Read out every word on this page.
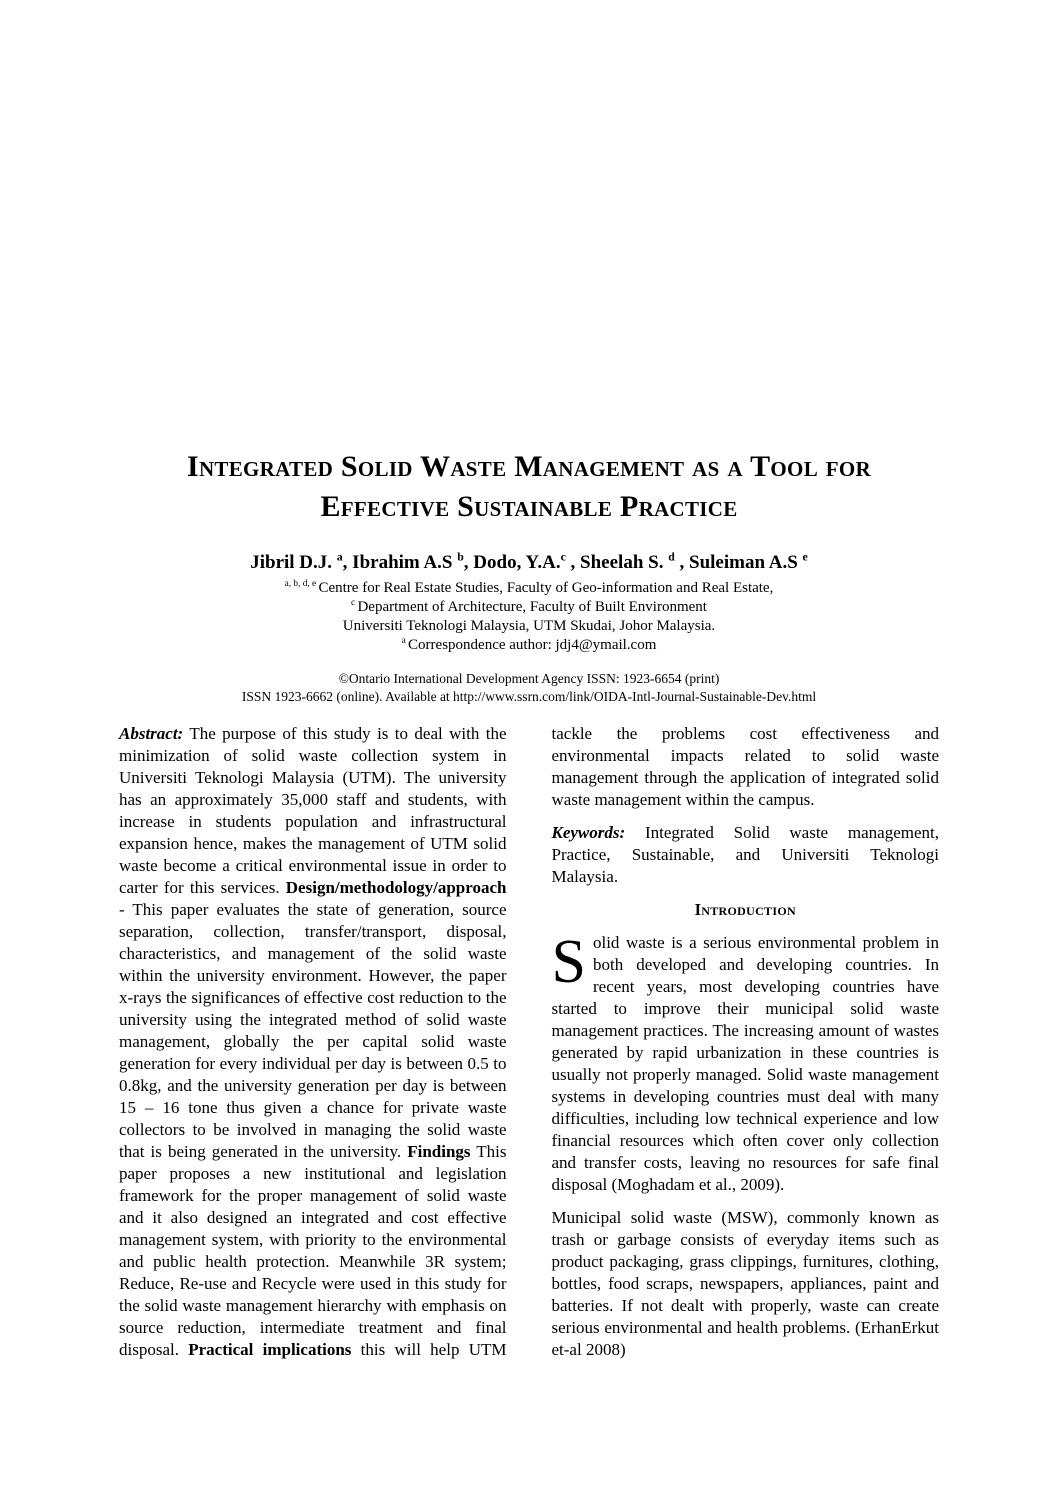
Integrated Solid Waste Management as a Tool for
Effective Sustainable Practice
Jibril D.J. $^a$, Ibrahim A.S $^b$, Dodo, Y.A.$^c$ , Sheelah S. $^d$ , Suleiman A.S $^e$
$^{a, b, d, e}$ Centre for Real Estate Studies, Faculty of Geo-information and Real Estate,
$^c$ Department of Architecture, Faculty of Built Environment
Universiti Teknologi Malaysia, UTM Skudai, Johor Malaysia.
$^a$ Correspondence author: jdj4@ymail.com
©Ontario International Development Agency ISSN: 1923-6654 (print)
ISSN 1923-6662 (online). Available at http://www.ssrn.com/link/OIDA-Intl-Journal-Sustainable-Dev.html

Abstract: The purpose of this study is to deal with the minimization of solid waste collection system in Universiti Teknologi Malaysia (UTM). The university has an approximately 35,000 staff and students, with increase in students population and infrastructural expansion hence, makes the management of UTM solid waste become a critical environmental issue in order to carter for this services. Design/methodology/approach - This paper evaluates the state of generation, source separation, collection, transfer/transport, disposal, characteristics, and management of the solid waste within the university environment. However, the paper x-rays the significances of effective cost reduction to the university using the integrated method of solid waste management, globally the per capital solid waste generation for every individual per day is between 0.5 to 0.8kg, and the university generation per day is between 15 – 16 tone thus given a chance for private waste collectors to be involved in managing the solid waste that is being generated in the university. Findings This paper proposes a new institutional and legislation framework for the proper management of solid waste and it also designed an integrated and cost effective management system, with priority to the environmental and public health protection. Meanwhile 3R system; Reduce, Re-use and Recycle were used in this study for the solid waste management hierarchy with emphasis on source reduction, intermediate treatment and final disposal. Practical implications this will help UTM

tackle the problems cost effectiveness and environmental impacts related to solid waste management through the application of integrated solid waste management within the campus.

Keywords: Integrated Solid waste management, Practice, Sustainable, and Universiti Teknologi Malaysia.

Introduction

Solid waste is a serious environmental problem in both developed and developing countries. In recent years, most developing countries have started to improve their municipal solid waste management practices. The increasing amount of wastes generated by rapid urbanization in these countries is usually not properly managed. Solid waste management systems in developing countries must deal with many difficulties, including low technical experience and low financial resources which often cover only collection and transfer costs, leaving no resources for safe final disposal (Moghadam et al., 2009).

Municipal solid waste (MSW), commonly known as trash or garbage consists of everyday items such as product packaging, grass clippings, furnitures, clothing, bottles, food scraps, newspapers, appliances, paint and batteries. If not dealt with properly, waste can create serious environmental and health problems. (ErhanErkut et-al 2008)
